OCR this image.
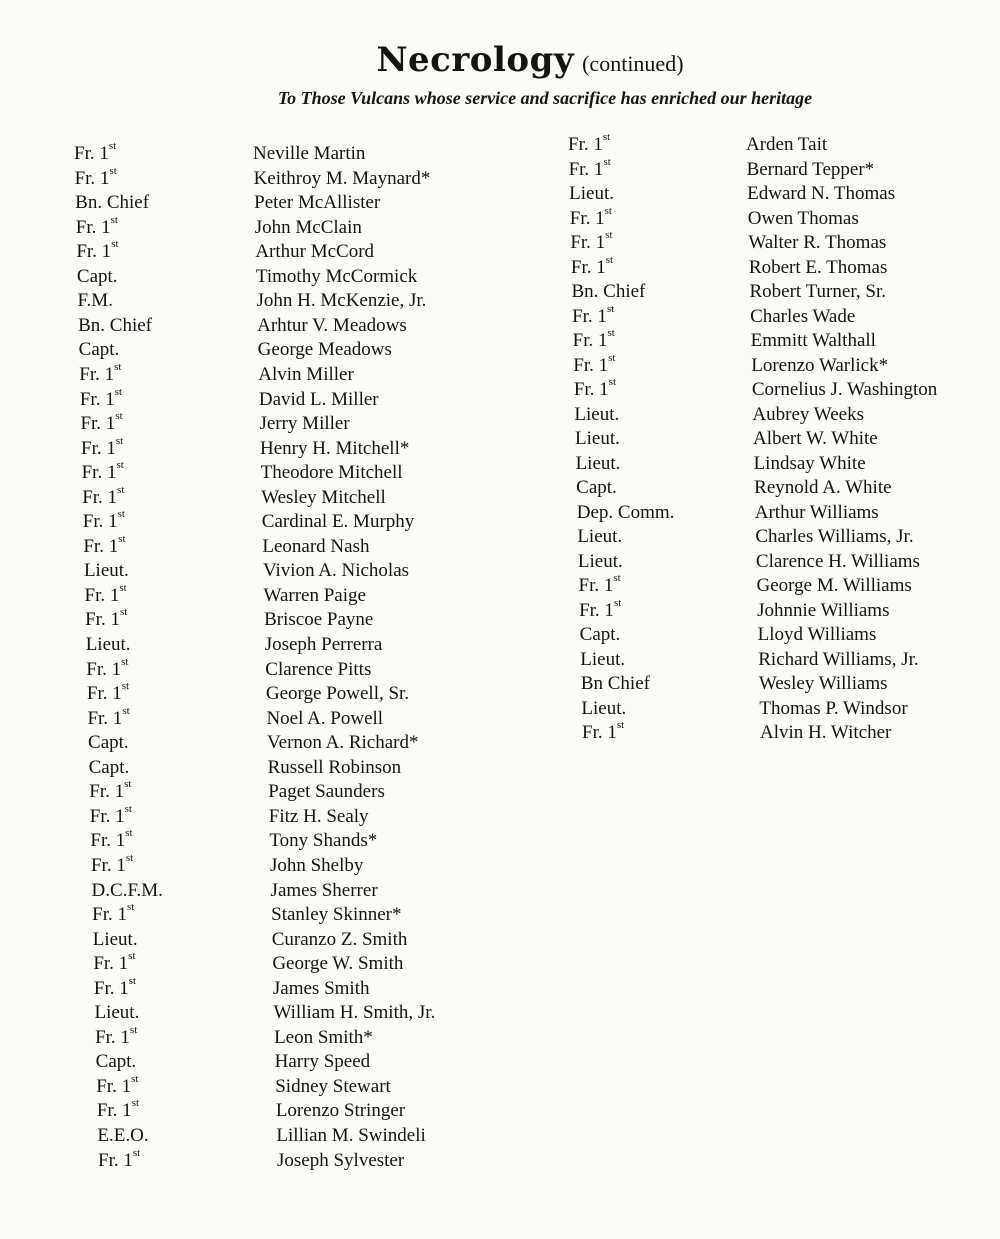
Necrology (continued)
To Those Vulcans whose service and sacrifice has enriched our heritage
Fr. 1st	Neville Martin
Fr. 1st	Keithroy M. Maynard*
Bn. Chief	Peter McAllister
Fr. 1st	John McClain
Fr. 1st	Arthur McCord
Capt.	Timothy McCormick
F.M.	John H. McKenzie, Jr.
Bn. Chief	Arhtur V. Meadows
Capt.	George Meadows
Fr. 1st	Alvin Miller
Fr. 1st	David L. Miller
Fr. 1st	Jerry Miller
Fr. 1st	Henry H. Mitchell*
Fr. 1st	Theodore Mitchell
Fr. 1st	Wesley Mitchell
Fr. 1st	Cardinal E. Murphy
Fr. 1st	Leonard Nash
Lieut.	Vivion A. Nicholas
Fr. 1st	Warren Paige
Fr. 1st	Briscoe Payne
Lieut.	Joseph Perrerra
Fr. 1st	Clarence Pitts
Fr. 1st	George Powell, Sr.
Fr. 1st	Noel A. Powell
Capt.	Vernon A. Richard*
Capt.	Russell Robinson
Fr. 1st	Paget Saunders
Fr. 1st	Fitz H. Sealy
Fr. 1st	Tony Shands*
Fr. 1st	John Shelby
D.C.F.M.	James Sherrer
Fr. 1st	Stanley Skinner*
Lieut.	Curanzo Z. Smith
Fr. 1st	George W. Smith
Fr. 1st	James Smith
Lieut.	William H. Smith, Jr.
Fr. 1st	Leon Smith*
Capt.	Harry Speed
Fr. 1st	Sidney Stewart
Fr. 1st	Lorenzo Stringer
E.E.O.	Lillian M. Swindeli
Fr. 1st	Joseph Sylvester
Fr. 1st	Arden Tait
Fr. 1st	Bernard Tepper*
Lieut.	Edward N. Thomas
Fr. 1st	Owen Thomas
Fr. 1st	Walter R. Thomas
Fr. 1st	Robert E. Thomas
Bn. Chief	Robert Turner, Sr.
Fr. 1st	Charles Wade
Fr. 1st	Emmitt Walthall
Fr. 1st	Lorenzo Warlick*
Fr. 1st	Cornelius J. Washington
Lieut.	Aubrey Weeks
Lieut.	Albert W. White
Lieut.	Lindsay White
Capt.	Reynold A. White
Dep. Comm.	Arthur Williams
Lieut.	Charles Williams, Jr.
Lieut.	Clarence H. Williams
Fr. 1st	George M. Williams
Fr. 1st	Johnnie Williams
Capt.	Lloyd Williams
Lieut.	Richard Williams, Jr.
Bn Chief	Wesley Williams
Lieut.	Thomas P. Windsor
Fr. 1st	Alvin H. Witcher
